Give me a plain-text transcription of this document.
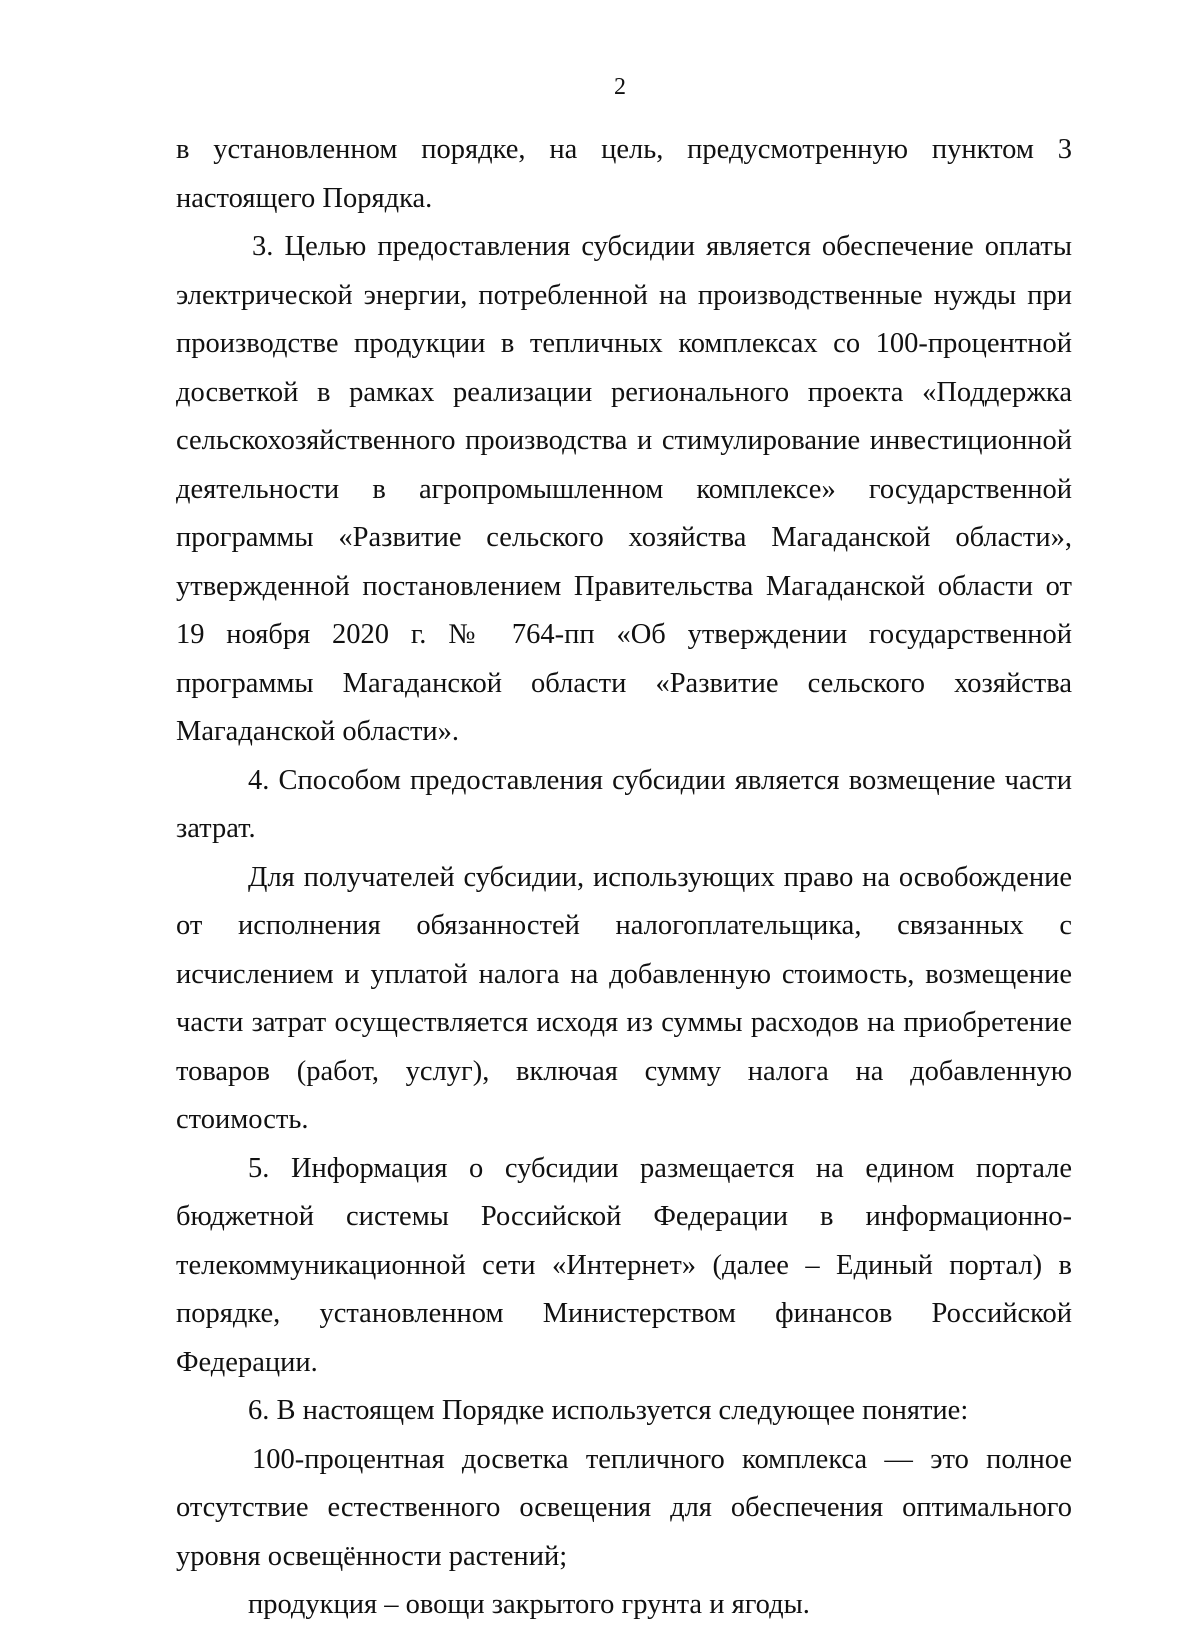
2

в установленном порядке, на цель, предусмотренную пунктом 3 настоящего Порядка.

3. Целью предоставления субсидии является обеспечение оплаты электрической энергии, потребленной на производственные нужды при производстве продукции в тепличных комплексах со 100-процентной досветкой в рамках реализации регионального проекта «Поддержка сельскохозяйственного производства и стимулирование инвестиционной деятельности в агропромышленном комплексе» государственной программы «Развитие сельского хозяйства Магаданской области», утвержденной постановлением Правительства Магаданской области от 19 ноября 2020 г. № 764-пп «Об утверждении государственной программы Магаданской области «Развитие сельского хозяйства Магаданской области».

4. Способом предоставления субсидии является возмещение части затрат.

Для получателей субсидии, использующих право на освобождение от исполнения обязанностей налогоплательщика, связанных с исчислением и уплатой налога на добавленную стоимость, возмещение части затрат осуществляется исходя из суммы расходов на приобретение товаров (работ, услуг), включая сумму налога на добавленную стоимость.

5. Информация о субсидии размещается на едином портале бюджетной системы Российской Федерации в информационно-телекоммуникационной сети «Интернет» (далее – Единый портал) в порядке, установленном Министерством финансов Российской Федерации.

6. В настоящем Порядке используется следующее понятие:

100-процентная досветка тепличного комплекса — это полное отсутствие естественного освещения для обеспечения оптимального уровня освещённости растений;

продукция – овощи закрытого грунта и ягоды.
